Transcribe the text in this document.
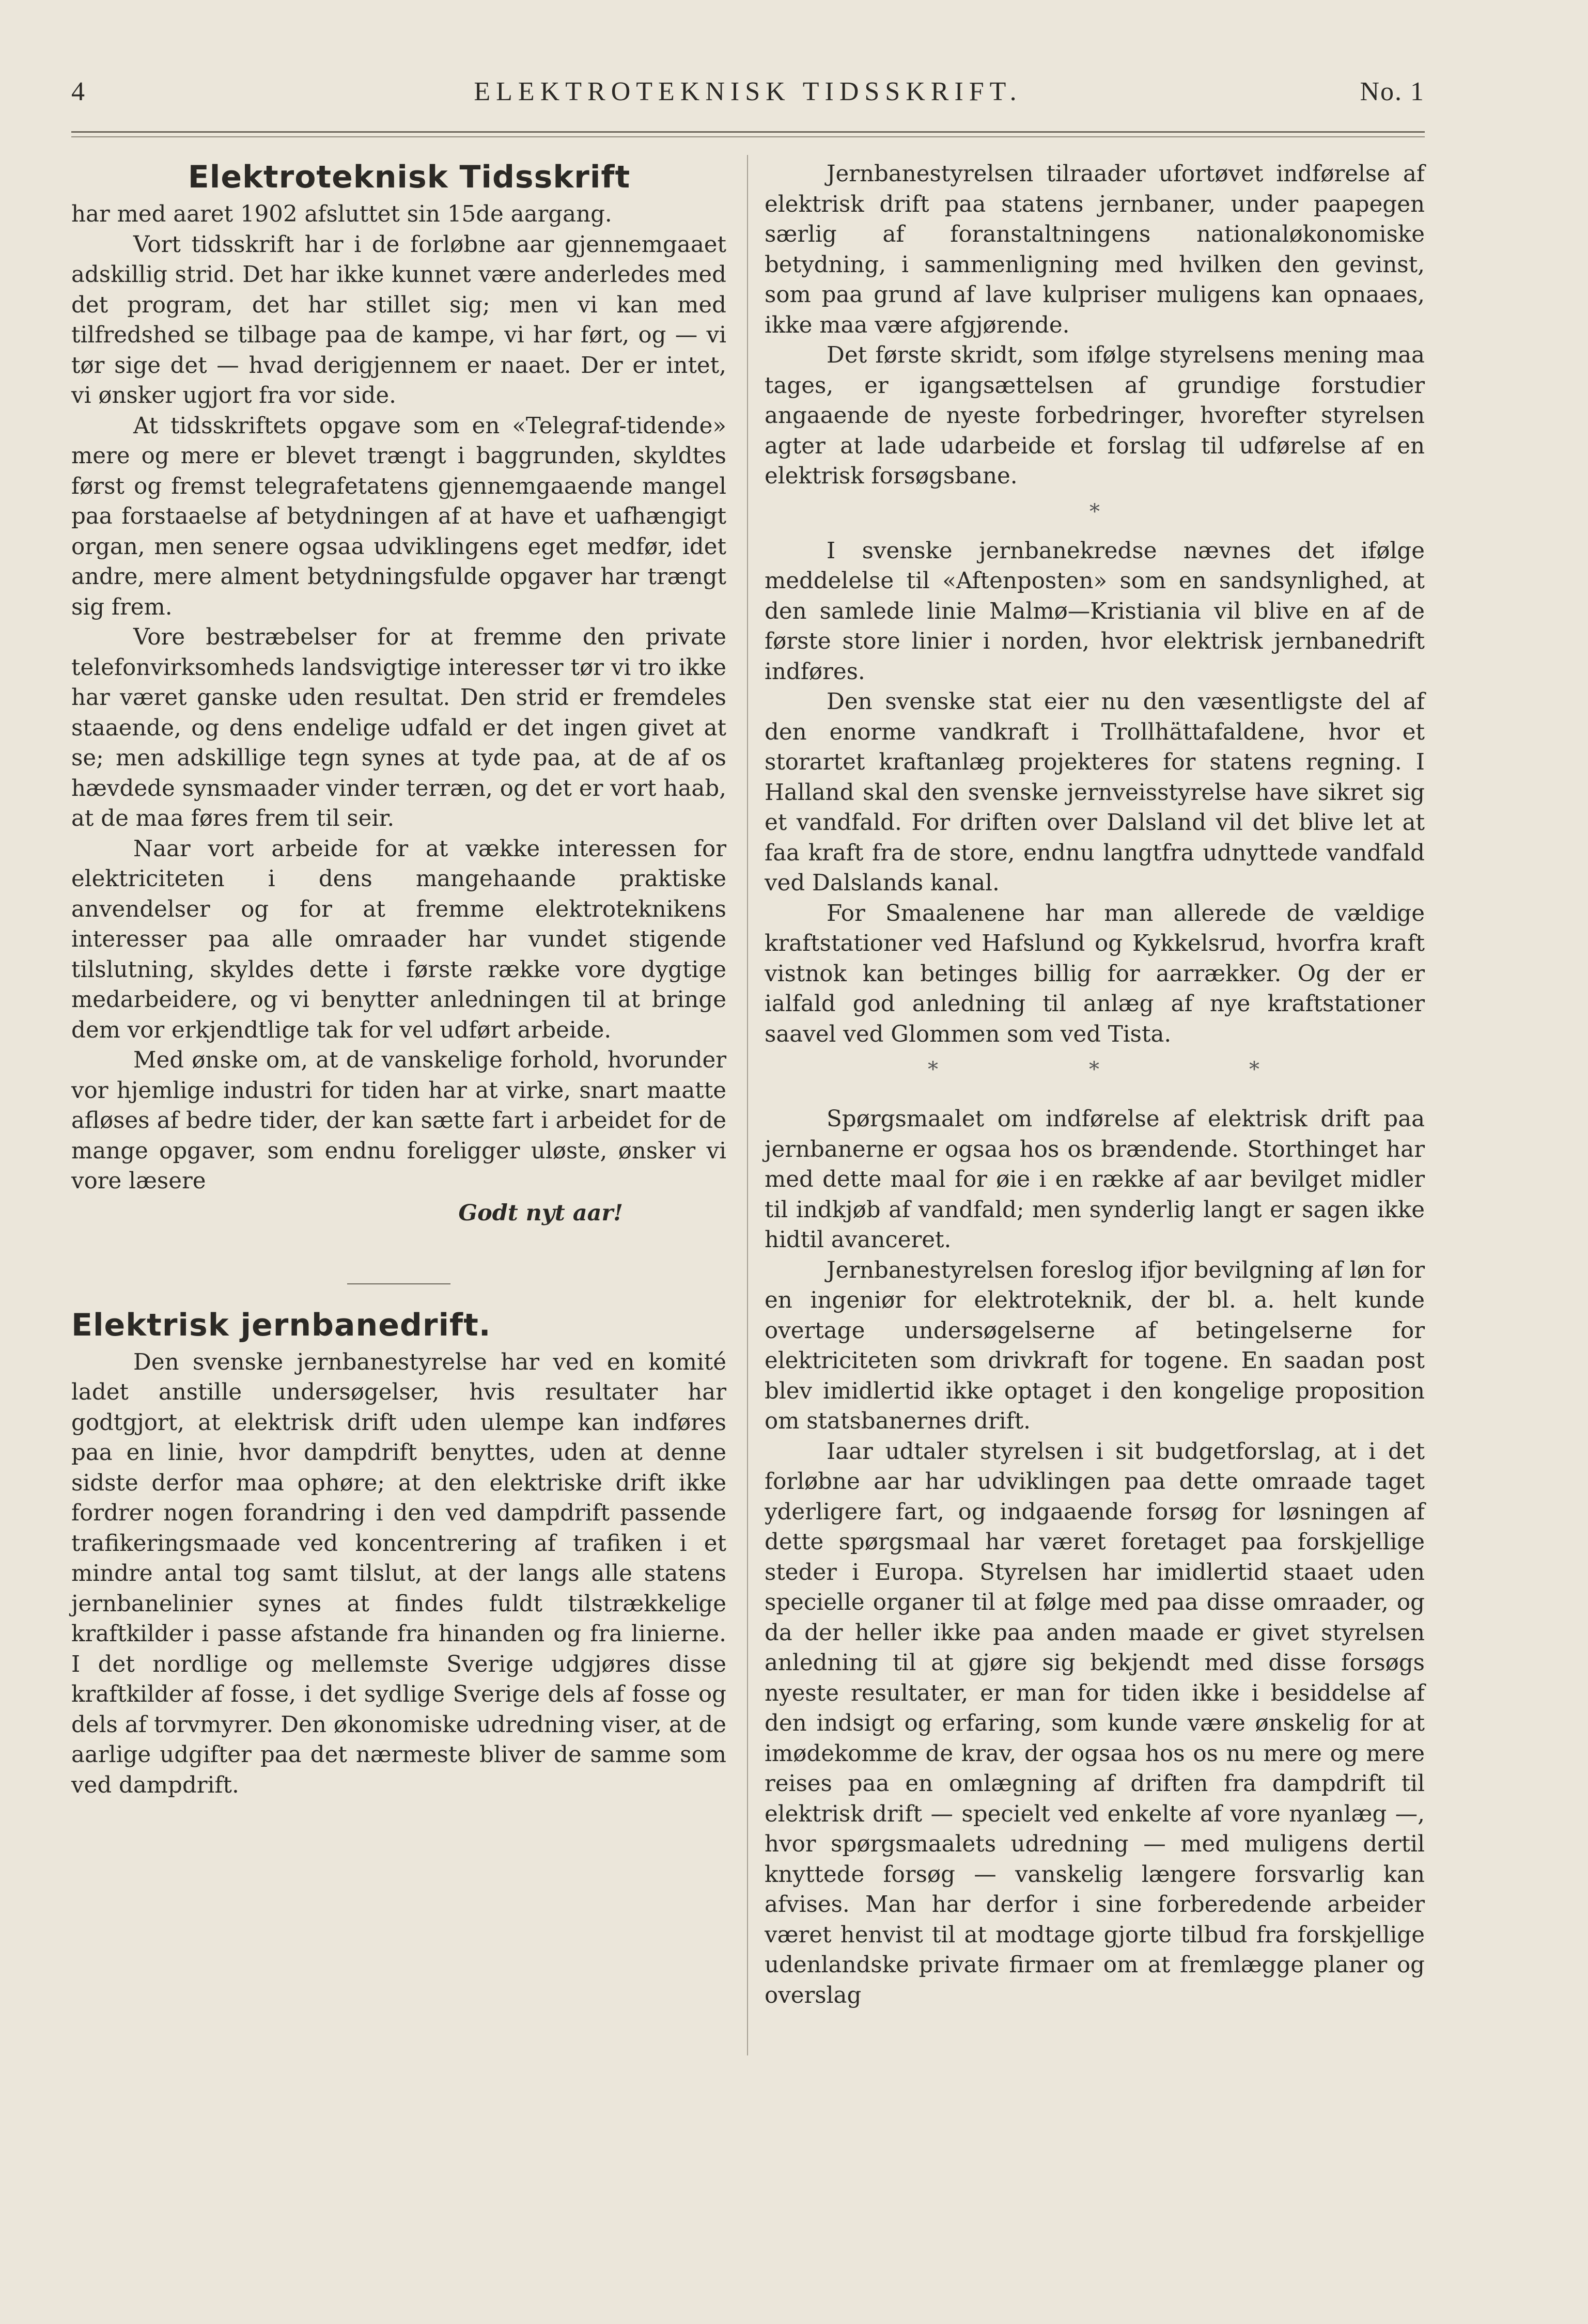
4	ELEKTROTEKNISK TIDSSKRIFT.	No. 1
Elektroteknisk Tidsskrift

har med aaret 1902 afsluttet sin 15de aargang.

Vort tidsskrift har i de forløbne aar gjennemgaaet adskillig strid. Det har ikke kunnet være anderledes med det program, det har stillet sig; men vi kan med tilfredshed se tilbage paa de kampe, vi har ført, og — vi tør sige det — hvad derigjennem er naaet. Der er intet, vi ønsker ugjort fra vor side.

At tidsskriftets opgave som en «Telegraf-tidende» mere og mere er blevet trængt i baggrunden, skyldtes først og fremst telegrafetatens gjennemgaaende mangel paa forstaaelse af betydningen af at have et uafhængigt organ, men senere ogsaa udviklingens eget medfør, idet andre, mere alment betydningsfulde opgaver har trængt sig frem.

Vore bestræbelser for at fremme den private telefonvirksomheds landsvigtige interesser tør vi tro ikke har været ganske uden resultat. Den strid er fremdeles staaende, og dens endelige udfald er det ingen givet at se; men adskillige tegn synes at tyde paa, at de af os hævdede synsmaader vinder terræn, og det er vort haab, at de maa føres frem til seir.

Naar vort arbeide for at vække interessen for elektriciteten i dens mangehaande praktiske anvendelser og for at fremme elektroteknikens interesser paa alle omraader har vundet stigende tilslutning, skyldes dette i første række vore dygtige medarbeidere, og vi benytter anledningen til at bringe dem vor erkjendtlige tak for vel udført arbeide.

Med ønske om, at de vanskelige forhold, hvorunder vor hjemlige industri for tiden har at virke, snart maatte afløses af bedre tider, der kan sætte fart i arbeidet for de mange opgaver, som endnu foreligger uløste, ønsker vi vore læsere

Godt nyt aar!
Elektrisk jernbanedrift.

Den svenske jernbanestyrelse har ved en komité ladet anstille undersøgelser, hvis resultater har godtgjort, at elektrisk drift uden ulempe kan indføres paa en linie, hvor dampdrift benyttes, uden at denne sidste derfor maa ophøre; at den elektriske drift ikke fordrer nogen forandring i den ved dampdrift passende trafikeringsmaade ved koncentrering af trafiken i et mindre antal tog samt tilslut, at der langs alle statens jernbanelinier synes at findes fuldt tilstrækkelige kraftkilder i passe afstande fra hinanden og fra linierne. I det nordlige og mellemste Sverige udgjøres disse kraftkilder af fosse, i det sydlige Sverige dels af fosse og dels af torvmyrer. Den økonomiske udredning viser, at de aarlige udgifter paa det nærmeste bliver de samme som ved dampdrift.

Jernbanestyrelsen tilraader ufortøvet indførelse af elektrisk drift paa statens jernbaner, under paapegen særlig af foranstaltningens nationaløkonomiske betydning, i sammenligning med hvilken den gevinst, som paa grund af lave kulpriser muligens kan opnaaes, ikke maa være afgjørende.

Det første skridt, som ifølge styrelsens mening maa tages, er igangsættelsen af grundige forstudier angaaende de nyeste forbedringer, hvorefter styrelsen agter at lade udarbeide et forslag til udførelse af en elektrisk forsøgsbane.

*

I svenske jernbanekredse nævnes det ifølge meddelelse til «Aftenposten» som en sandsynlighed, at den samlede linie Malmø—Kristiania vil blive en af de første store linier i norden, hvor elektrisk jernbanedrift indføres.

Den svenske stat eier nu den væsentligste del af den enorme vandkraft i Trollhättafaldene, hvor et storartet kraftanlæg projekteres for statens regning. I Halland skal den svenske jernveisstyrelse have sikret sig et vandfald. For driften over Dalsland vil det blive let at faa kraft fra de store, endnu langtfra udnyttede vandfald ved Dalslands kanal.

For Smaalenene har man allerede de vældige kraftstationer ved Hafslund og Kykkelsrud, hvorfra kraft vistnok kan betinges billig for aarrækker. Og der er ialfald god anledning til anlæg af nye kraftstationer saavel ved Glommen som ved Tista.

*	*	*

Spørgsmaalet om indførelse af elektrisk drift paa jernbanerne er ogsaa hos os brændende. Storthinget har med dette maal for øie i en række af aar bevilget midler til indkjøb af vandfald; men synderlig langt er sagen ikke hidtil avanceret.

Jernbanestyrelsen foreslog ifjor bevilgning af løn for en ingeniør for elektroteknik, der bl. a. helt kunde overtage undersøgelserne af betingelserne for elektriciteten som drivkraft for togene. En saadan post blev imidlertid ikke optaget i den kongelige proposition om statsbanernes drift.

Iaar udtaler styrelsen i sit budgetforslag, at i det forløbne aar har udviklingen paa dette omraade taget yderligere fart, og indgaaende forsøg for løsningen af dette spørgsmaal har været foretaget paa forskjellige steder i Europa. Styrelsen har imidlertid staaet uden specielle organer til at følge med paa disse omraader, og da der heller ikke paa anden maade er givet styrelsen anledning til at gjøre sig bekjendt med disse forsøgs nyeste resultater, er man for tiden ikke i besiddelse af den indsigt og erfaring, som kunde være ønskelig for at imødekomme de krav, der ogsaa hos os nu mere og mere reises paa en omlægning af driften fra dampdrift til elektrisk drift — specielt ved enkelte af vore nyanlæg —, hvor spørgsmaalets udredning — med muligens dertil knyttede forsøg — vanskelig længere forsvarlig kan afvises. Man har derfor i sine forberedende arbeider været henvist til at modtage gjorte tilbud fra forskjellige udenlandske private firmaer om at fremlægge planer og overslag
